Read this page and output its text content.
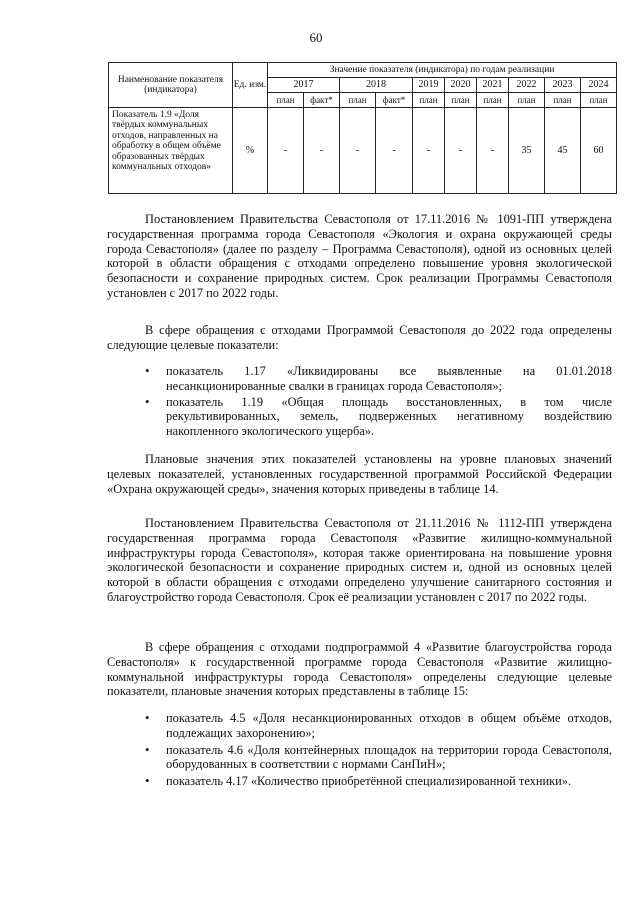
60
Наименование показателя (индикатора)	Ед. изм.	Значение показателя (индикатора) по годам реализации									
		2017		2018		2019	2020	2021	2022	2023	2024
		план	факт*	план	факт*	план	план	план	план	план	план
Показатель 1.9 «Доля твёрдых коммунальных отходов, направленных на обработку в общем объёме образованных твёрдых коммунальных отходов»	%	-	-	-	-	-	-	-	35	45	60

Постановлением Правительства Севастополя от 17.11.2016 № 1091-ПП утверждена государственная программа города Севастополя «Экология и охрана окружающей среды города Севастополя» (далее по разделу – Программа Севастополя), одной из основных целей которой в области обращения с отходами определено повышение уровня экологической безопасности и сохранение природных систем. Срок реализации Программы Севастополя установлен с 2017 по 2022 годы.

В сфере обращения с отходами Программой Севастополя до 2022 года определены следующие целевые показатели:

• показатель 1.17 «Ликвидированы все выявленные на 01.01.2018 несанкционированные свалки в границах города Севастополя»;
• показатель 1.19 «Общая площадь восстановленных, в том числе рекультивированных, земель, подверженных негативному воздействию накопленного экологического ущерба».

Плановые значения этих показателей установлены на уровне плановых значений целевых показателей, установленных государственной программой Российской Федерации «Охрана окружающей среды», значения которых приведены в таблице 14.

Постановлением Правительства Севастополя от 21.11.2016 № 1112-ПП утверждена государственная программа города Севастополя «Развитие жилищно-коммунальной инфраструктуры города Севастополя», которая также ориентирована на повышение уровня экологической безопасности и сохранение природных систем и, одной из основных целей которой в области обращения с отходами определено улучшение санитарного состояния и благоустройство города Севастополя. Срок её реализации установлен с 2017 по 2022 годы.

В сфере обращения с отходами подпрограммой 4 «Развитие благоустройства города Севастополя» к государственной программе города Севастополя «Развитие жилищно-коммунальной инфраструктуры города Севастополя» определены следующие целевые показатели, плановые значения которых представлены в таблице 15:

• показатель 4.5 «Доля несанкционированных отходов в общем объёме отходов, подлежащих захоронению»;
• показатель 4.6 «Доля контейнерных площадок на территории города Севастополя, оборудованных в соответствии с нормами СанПиН»;
• показатель 4.17 «Количество приобретённой специализированной техники».
